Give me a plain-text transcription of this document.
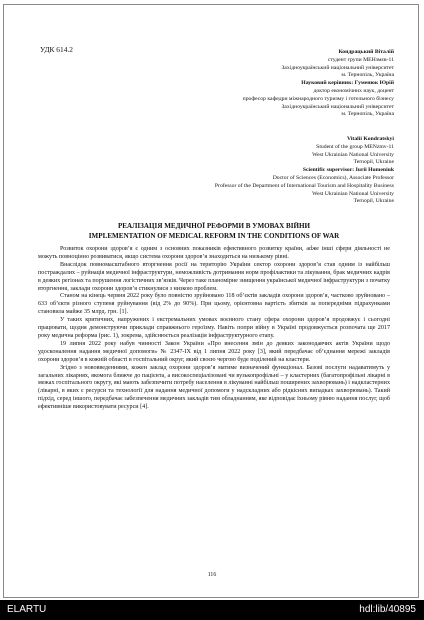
УДК 614.2	Кондрацький Віталій
студент групи МЕНзмєв-11
Західноукраїнський національний університет
м. Тернопіль, Україна
Науковий керівник: Гуменюк Юрій
доктор економічних наук, доцент
професор кафедри міжнародного туризму і готельного бізнесу
Західноукраїнський національний університет
м. Тернопіль, Україна
Vitalii Kondratskyi
Student of the group MENzmv-11
West Ukrainian National University
Ternopil, Ukraine
Scientific supervisor: Iurii Humeniuk
Doctor of Sciences (Economics), Associate Professor
Professor of the Department of International Tourism and Hospitality Business
West Ukrainian National University
Ternopil, Ukraine
РЕАЛІЗАЦІЯ МЕДИЧНОЇ РЕФОРМИ В УМОВАХ ВІЙНИ
IMPLEMENTATION OF MEDICAL REFORM IN THE CONDITIONS OF WAR

Розвиток охорони здоров’я є одним з основних показників ефективного розвитку країни, adже інші сфери діяльності не можуть повноцінно розвиватися, якщо система охорони здоров’я знаходиться на низькому рівні.

Внаслідок повномасштабного вторгнення росії на територію України сектор охорони здоров’я став одним із найбільш постраждалих – руйнація медичної інфраструктури, неможливість дотримання норм профілактики та лікування, брак медичних кадрів в деяких регіонах та порушення логістичних зв’язків. Через таке планомірне знищення української медичної інфраструктури з початку вторгнення, заклади охорони здоров’я стикнулися з низкою проблем.

Станом на кінець червня 2022 року було повністю зруйновано 118 об’єктів закладів охорони здоров’я, частково зруйновано – 633 об’єкти різного ступеня руйнування (від 2% до 90%). При цьому, орієнтовна вартість збитків за попередніми підрахунками становила майже 35 млрд. грн. [1].

У таких критичних, напружених і екстремальних умовах воєнного стану сфера охорони здоров’я продовжує і сьогодні працювати, щодня демонструючи приклади справжнього героїзму. Навіть попри війну в Україні продовжується розпочата ще 2017 року медична реформа (рис. 1), зокрема, здійснюється реалізація інфраструктурного етапу.

19 липня 2022 року набув чинності Закон України «Про внесення змін до деяких законодавчих актів України щодо удосконалення надання медичної допомоги» № 2347-IX від 1 липня 2022 року [3], який передбачає об’єднання мережі закладів охорони здоров’я в кожній області в госпітальний округ, який своєю чергою буде поділений на кластери.

Згідно з нововведеннями, кожен заклад охорони здоров’я матиме визначений функціонал. Базові послуги надаватимуть у загальних лікарнях, якомога ближче до пацієнта, а високоспеціалізовані чи вузькопрофільні – у кластерних (багатопрофільні лікарні в межах госпітального округу, які мають забезпечити потребу населення в лікуванні найбільш поширених захворювань) і надкластерних (лікарні, в яких є ресурси та технології для надання медичної допомоги у надскладних або рідкісних випадках захворювань). Такий підхід, серед іншого, передбачає забезпечення медичних закладів тим обладнанням, яке відповідає їхньому рівню надання послуг, щоб ефективніше використовувати ресурси [4].

116
ELARTU	hdl:lib/40895
